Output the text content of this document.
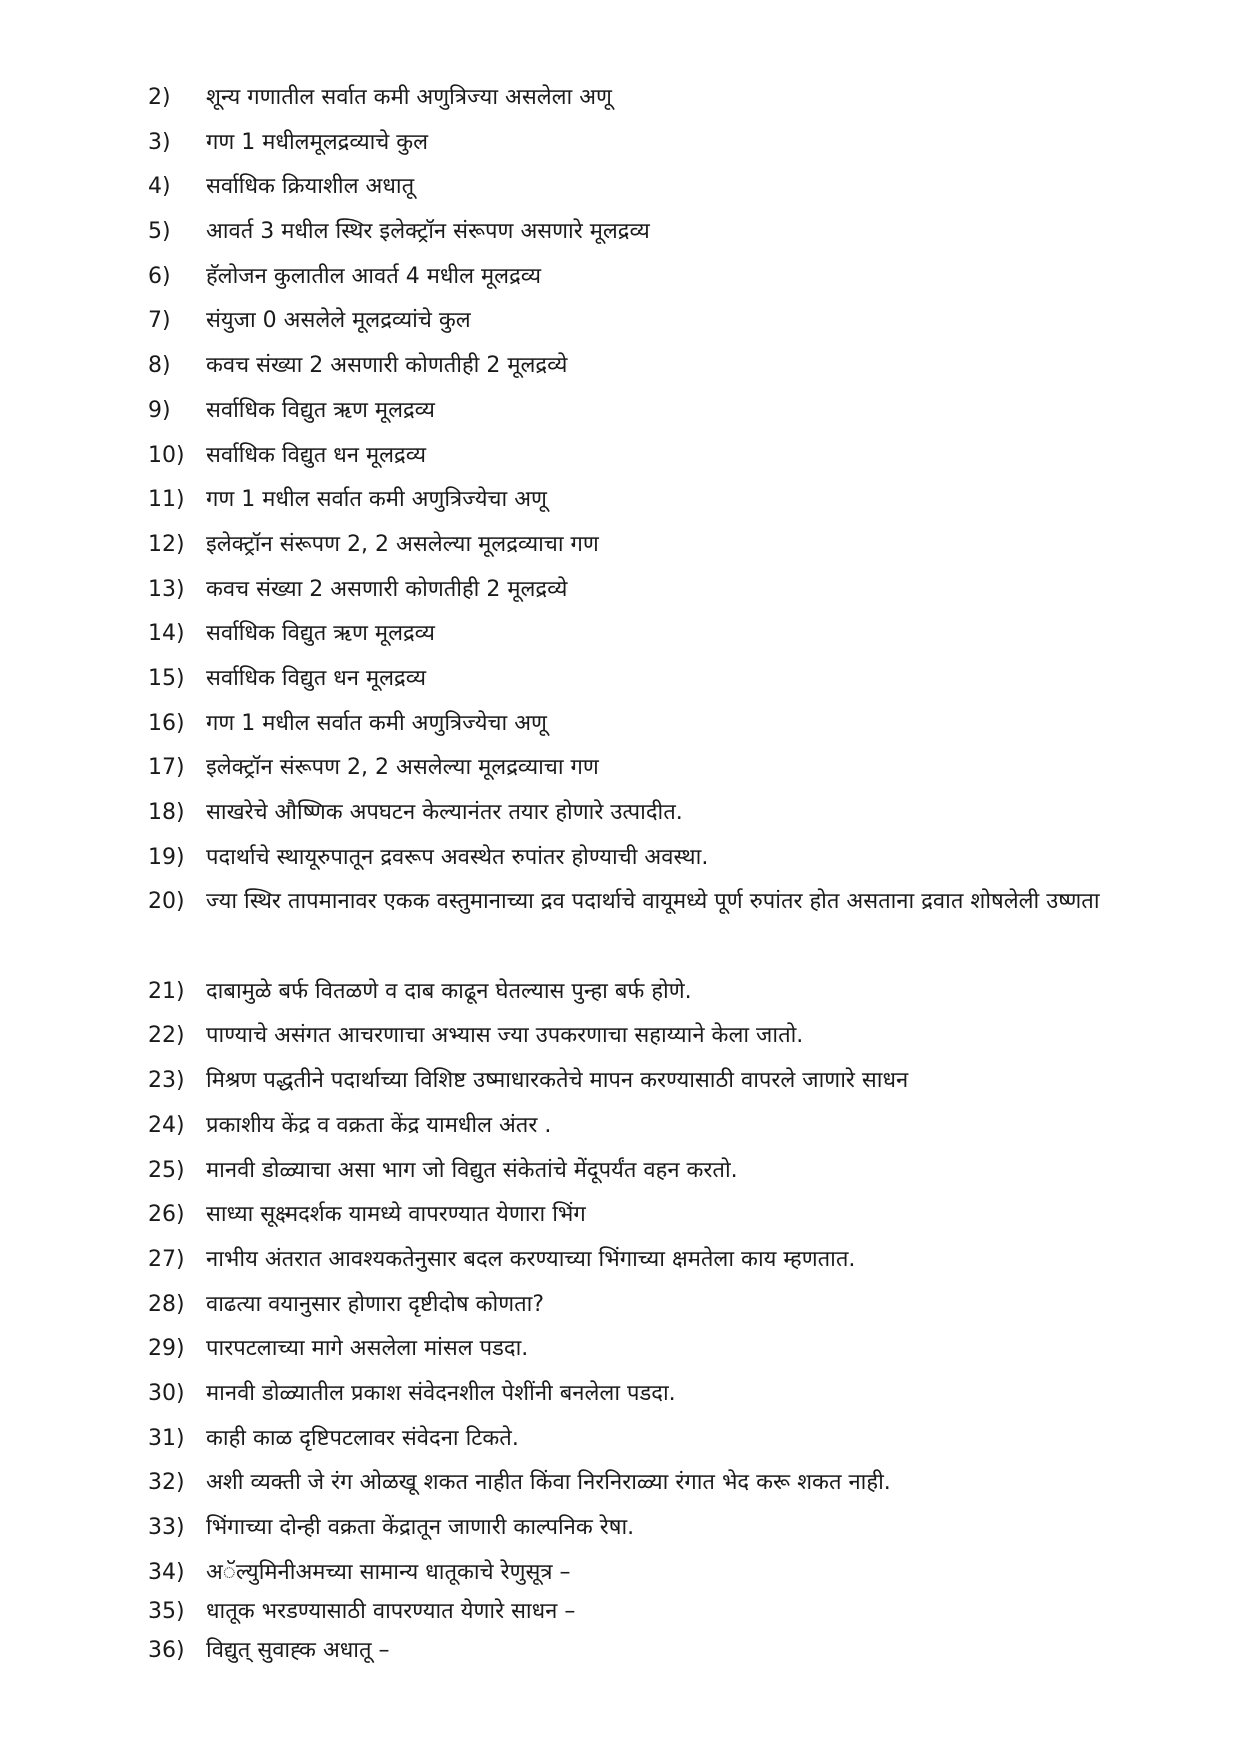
2)	शून्य गणातील सर्वात कमी अणुत्रिज्या असलेला अणू
3)	गण 1 मधीलमूलद्रव्याचे कुल
4)	सर्वाधिक क्रियाशील अधातू
5)	आवर्त 3 मधील स्थिर इलेक्ट्रॉन संरूपण असणारे मूलद्रव्य
6)	हॅलोजन कुलातील आवर्त 4 मधील मूलद्रव्य
7)	संयुजा 0 असलेले मूलद्रव्यांचे कुल
8)	कवच संख्या 2 असणारी कोणतीही 2 मूलद्रव्ये
9)	सर्वाधिक विद्युत ऋण मूलद्रव्य
10) सर्वाधिक विद्युत धन मूलद्रव्य
11) गण 1 मधील सर्वात कमी अणुत्रिज्येचा अणू
12) इलेक्ट्रॉन संरूपण 2, 2 असलेल्या मूलद्रव्याचा गण
13) कवच संख्या 2 असणारी कोणतीही 2 मूलद्रव्ये
14) सर्वाधिक विद्युत ऋण मूलद्रव्य
15) सर्वाधिक विद्युत धन मूलद्रव्य
16) गण 1 मधील सर्वात कमी अणुत्रिज्येचा अणू
17) इलेक्ट्रॉन संरूपण 2, 2 असलेल्या मूलद्रव्याचा गण
18) साखरेचे औष्णिक अपघटन केल्यानंतर तयार होणारे उत्पादीत.
19) पदार्थाचे स्थायूरुपातून द्रवरूप अवस्थेत रुपांतर होण्याची अवस्था.
20) ज्या स्थिर तापमानावर एकक वस्तुमानाच्या द्रव पदार्थाचे वायूमध्ये पूर्ण रुपांतर होत असताना द्रवात शोषलेली उष्णता
21) दाबामुळे बर्फ वितळणे व दाब काढून घेतल्यास पुन्हा बर्फ होणे.
22) पाण्याचे असंगत आचरणाचा अभ्यास ज्या उपकरणाचा सहाय्याने केला जातो.
23) मिश्रण पद्धतीने पदार्थाच्या विशिष्ट उष्माधारकतेचे मापन करण्यासाठी वापरले जाणारे साधन
24) प्रकाशीय केंद्र व वक्रता केंद्र यामधील अंतर .
25) मानवी डोळ्याचा असा भाग जो विद्युत संकेतांचे मेंदूपर्यंत वहन करतो.
26) साध्या सूक्ष्मदर्शक यामध्ये वापरण्यात येणारा भिंग
27) नाभीय अंतरात आवश्यकतेनुसार बदल करण्याच्या भिंगाच्या क्षमतेला काय म्हणतात.
28) वाढत्या वयानुसार होणारा दृष्टीदोष कोणता?
29) पारपटलाच्या मागे असलेला मांसल पडदा.
30) मानवी डोळ्यातील प्रकाश संवेदनशील पेशींनी बनलेला पडदा.
31) काही काळ दृष्टिपटलावर संवेदना टिकते.
32) अशी व्यक्ती जे रंग ओळखू शकत नाहीत किंवा निरनिराळ्या रंगात भेद करू शकत नाही.
33) भिंगाच्या दोन्ही वक्रता केंद्रातून जाणारी काल्पनिक रेषा.
34) अॅल्युमिनीअमच्या सामान्य धातूकाचे रेणुसूत्र –
35) धातूक भरडण्यासाठी वापरण्यात येणारे साधन –
36) विद्युत् सुवाह्क अधातू –
